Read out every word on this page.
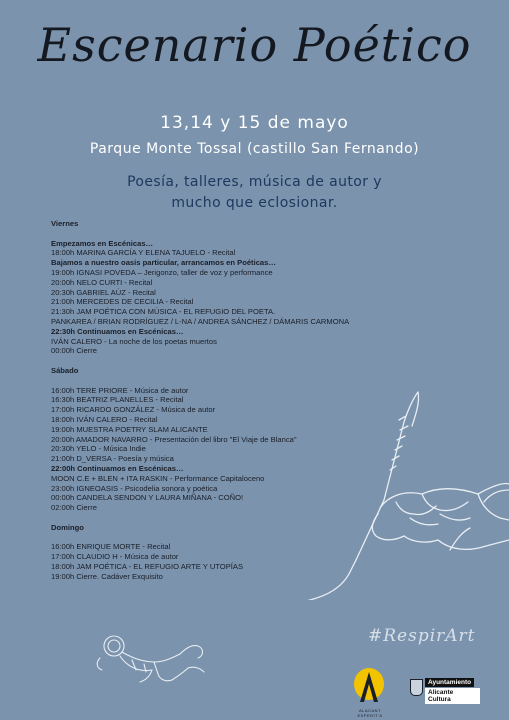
Escenario Poético
13,14 y 15 de mayo
Parque Monte Tossal (castillo San Fernando)
Poesía, talleres, música de autor y
mucho que eclosionar.
Viernes
Empezamos en Escénicas…
18:00h MARINA GARCÍA Y ELENA TAJUELO - Recital
Bajamos a nuestro oasis particular, arrancamos en Poéticas…
19:00h IGNASI POVEDA – Jerigonzo, taller de voz y performance
20:00h NELO CURTI - Recital
20:30h GABRIEL AÚZ - Recital
21:00h MERCEDES DE CECILIA - Recital
21:30h JAM POÉTICA CON MÚSICA - EL REFUGIO DEL POETA.
PANKAREA / BRIAN RODRÍGUEZ / L-NA / ANDREA SÁNCHEZ / DÁMARIS CARMONA
22:30h Continuamos en Escénicas…
IVÁN CALERO - La noche de los poetas muertos
00:00h Cierre
Sábado
16:00h TERE PRIORE - Música de autor
16:30h BEATRIZ PLANELLES - Recital
17:00h RICARDO GONZÁLEZ - Música de autor
18:00h IVÁN CALERO - Recital
19:00h MUESTRA POETRY SLAM ALICANTE
20:00h AMADOR NAVARRO - Presentación del libro "El Viaje de Blanca"
20:30h YELO - Música Indie
21:00h D_VERSA - Poesía y música
22:00h Continuamos en Escénicas…
MOON C.E + BLEN + ITA RASKIN - Performance Capitaloceno
23:00h IGNEOASIS - Psicodelia sonora y poética
00:00h CANDELA SENDON Y LAURA MIÑANA - COÑO!
02:00h Cierre
Domingo
16:00h ENRIQUE MORTE - Recital
17:00h CLAUDIO H - Música de autor
18:00h JAM POÉTICA - EL REFUGIO ARTE Y UTOPÍAS
19:00h Cierre. Cadáver Exquisito
#RespirArt
ALACANT ESPERIT'A
Ayuntamiento
Alicante Cultura
